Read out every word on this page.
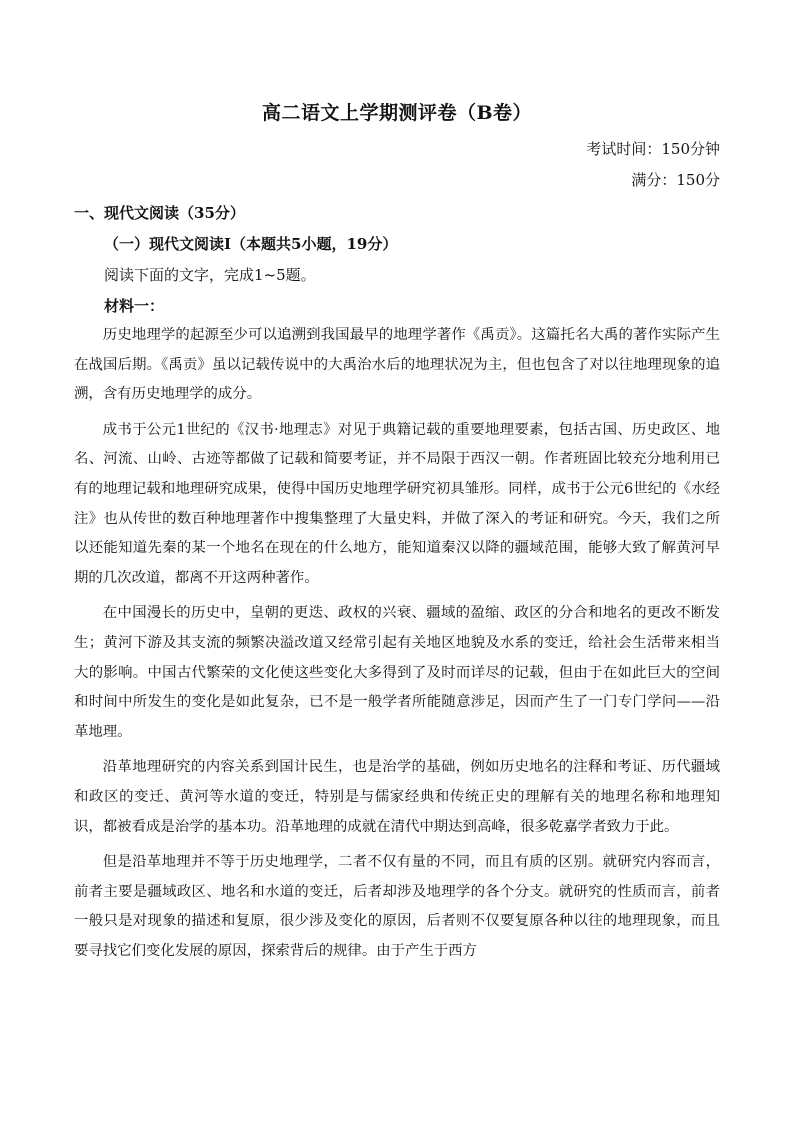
高二语文上学期测评卷（B卷）
考试时间：150分钟
满分：150分
一、现代文阅读（35分）
（一）现代文阅读Ⅰ（本题共5小题，19分）
阅读下面的文字，完成1~5题。
材料一：

历史地理学的起源至少可以追溯到我国最早的地理学著作《禹贡》。这篇托名大禹的著作实际产生在战国后期。《禹贡》虽以记载传说中的大禹治水后的地理状况为主，但也包含了对以往地理现象的追溯，含有历史地理学的成分。

成书于公元1世纪的《汉书·地理志》对见于典籍记载的重要地理要素，包括古国、历史政区、地名、河流、山岭、古迹等都做了记载和简要考证，并不局限于西汉一朝。作者班固比较充分地利用已有的地理记载和地理研究成果，使得中国历史地理学研究初具雏形。同样，成书于公元6世纪的《水经注》也从传世的数百种地理著作中搜集整理了大量史料，并做了深入的考证和研究。今天，我们之所以还能知道先秦的某一个地名在现在的什么地方，能知道秦汉以降的疆域范围，能够大致了解黄河早期的几次改道，都离不开这两种著作。

在中国漫长的历史中，皇朝的更迭、政权的兴衰、疆域的盈缩、政区的分合和地名的更改不断发生；黄河下游及其支流的频繁决溢改道又经常引起有关地区地貌及水系的变迁，给社会生活带来相当大的影响。中国古代繁荣的文化使这些变化大多得到了及时而详尽的记载，但由于在如此巨大的空间和时间中所发生的变化是如此复杂，已不是一般学者所能随意涉足，因而产生了一门专门学问——沿革地理。

沿革地理研究的内容关系到国计民生，也是治学的基础，例如历史地名的注释和考证、历代疆域和政区的变迁、黄河等水道的变迁，特别是与儒家经典和传统正史的理解有关的地理名称和地理知识，都被看成是治学的基本功。沿革地理的成就在清代中期达到高峰，很多乾嘉学者致力于此。

但是沿革地理并不等于历史地理学，二者不仅有量的不同，而且有质的区别。就研究内容而言，前者主要是疆域政区、地名和水道的变迁，后者却涉及地理学的各个分支。就研究的性质而言，前者一般只是对现象的描述和复原，很少涉及变化的原因，后者则不仅要复原各种以往的地理现象，而且要寻找它们变化发展的原因，探索背后的规律。由于产生于西方
